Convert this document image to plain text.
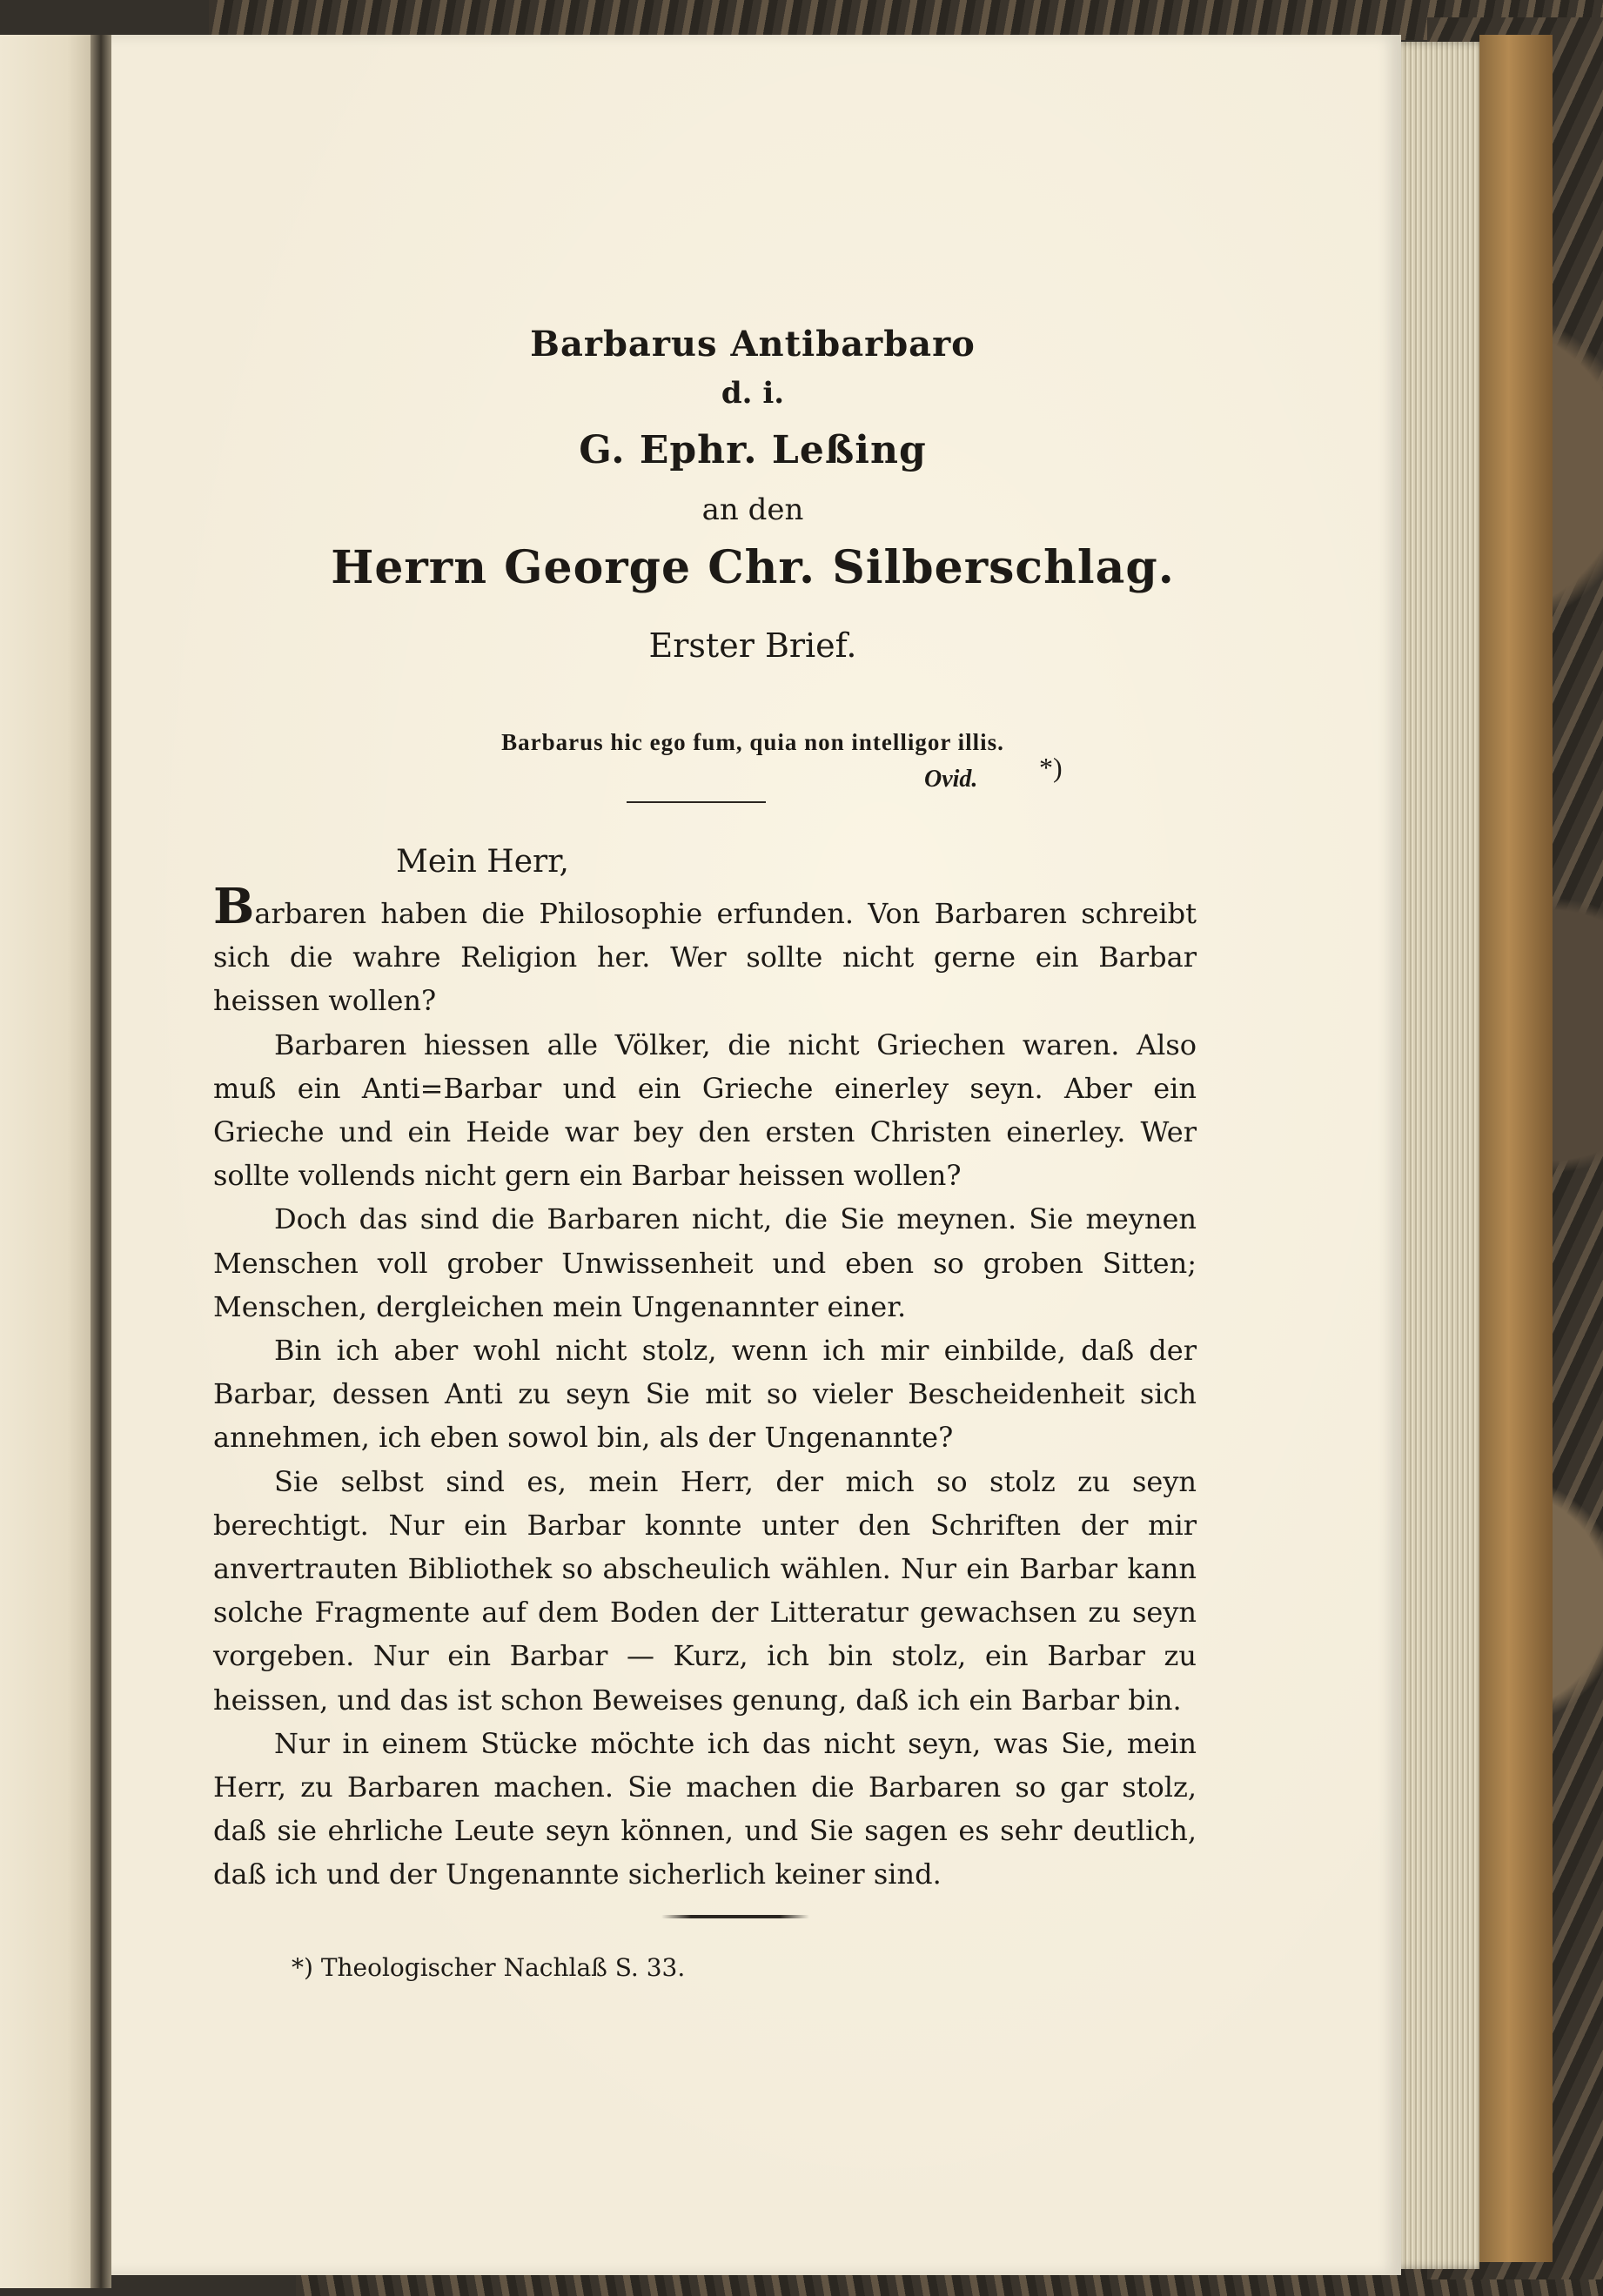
Barbarus Antibarbaro
d. i.
G. Ephr. Leßing
an den
Herrn George Chr. Silberschlag.
Erster Brief.
Barbarus hic ego fum, quia non intelligor illis.
Ovid. *)
Mein Herr,

Barbaren haben die Philosophie erfunden. Von Barbaren schreibt sich die wahre Religion her. Wer sollte nicht gerne ein Barbar heissen wollen?

Barbaren hiessen alle Völker, die nicht Griechen waren. Also muß ein Anti=Barbar und ein Grieche einerley seyn. Aber ein Grieche und ein Heide war bey den ersten Christen einerley. Wer sollte vollends nicht gern ein Barbar heissen wollen?

Doch das sind die Barbaren nicht, die Sie meynen. Sie meynen Menschen voll grober Unwissenheit und eben so groben Sitten; Menschen, dergleichen mein Ungenannter einer.

Bin ich aber wohl nicht stolz, wenn ich mir einbilde, daß der Barbar, dessen Anti zu seyn Sie mit so vieler Bescheidenheit sich annehmen, ich eben sowol bin, als der Ungenannte?

Sie selbst sind es, mein Herr, der mich so stolz zu seyn berechtigt. Nur ein Barbar konnte unter den Schriften der mir anvertrauten Bibliothek so abscheulich wählen. Nur ein Barbar kann solche Fragmente auf dem Boden der Litteratur gewachsen zu seyn vorgeben. Nur ein Barbar — Kurz, ich bin stolz, ein Barbar zu heissen, und das ist schon Beweises genung, daß ich ein Barbar bin.

Nur in einem Stücke möchte ich das nicht seyn, was Sie, mein Herr, zu Barbaren machen. Sie machen die Barbaren so gar stolz, daß sie ehrliche Leute seyn können, und Sie sagen es sehr deutlich, daß ich und der Ungenannte sicherlich keiner sind.

*) Theologischer Nachlaß S. 33.
